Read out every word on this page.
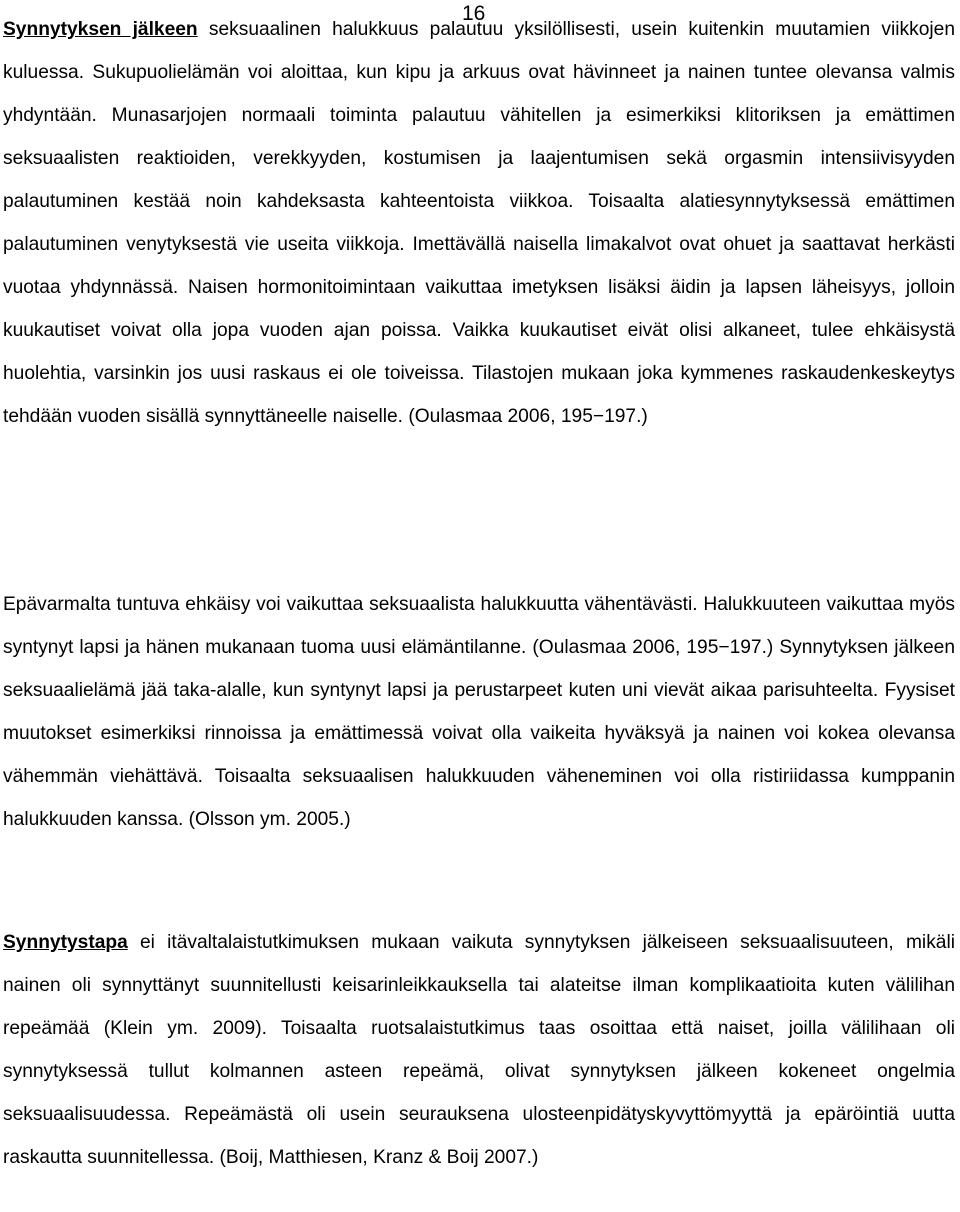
16

Synnytyksen jälkeen seksuaalinen halukkuus palautuu yksilöllisesti, usein kuitenkin muutamien viikkojen kuluessa. Sukupuolielämän voi aloittaa, kun kipu ja arkuus ovat hävinneet ja nainen tuntee olevansa valmis yhdyntään. Munasarjojen normaali toiminta palautuu vähitellen ja esimerkiksi klitoriksen ja emättimen seksuaalisten reaktioiden, verekkyyden, kostumisen ja laajentumisen sekä orgasmin intensiivisyyden palautuminen kestää noin kahdeksasta kahteentoista viikkoa. Toisaalta alatiesynnytyksessä emättimen palautuminen venytyksestä vie useita viikkoja. Imettävällä naisella limakalvot ovat ohuet ja saattavat herkästi vuotaa yhdynnässä. Naisen hormonitoimintaan vaikuttaa imetyksen lisäksi äidin ja lapsen läheisyys, jolloin kuukautiset voivat olla jopa vuoden ajan poissa. Vaikka kuukautiset eivät olisi alkaneet, tulee ehkäisystä huolehtia, varsinkin jos uusi raskaus ei ole toiveissa. Tilastojen mukaan joka kymmenes raskaudenkeskeytys tehdään vuoden sisällä synnyttäneelle naiselle. (Oulasmaa 2006, 195−197.)

Epävarmalta tuntuva ehkäisy voi vaikuttaa seksuaalista halukkuutta vähentävästi. Halukkuuteen vaikuttaa myös syntynyt lapsi ja hänen mukanaan tuoma uusi elämäntilanne. (Oulasmaa 2006, 195−197.) Synnytyksen jälkeen seksuaalielämä jää taka-alalle, kun syntynyt lapsi ja perustarpeet kuten uni vievät aikaa parisuhteelta. Fyysiset muutokset esimerkiksi rinnoissa ja emättimessä voivat olla vaikeita hyväksyä ja nainen voi kokea olevansa vähemmän viehättävä. Toisaalta seksuaalisen halukkuuden väheneminen voi olla ristiriidassa kumppanin halukkuuden kanssa. (Olsson ym. 2005.)

Synnytystapa ei itävaltalaistutkimuksen mukaan vaikuta synnytyksen jälkeiseen seksuaalisuuteen, mikäli nainen oli synnyttänyt suunnitellusti keisarinleikkauksella tai alateitse ilman komplikaatioita kuten välilihan repeämää (Klein ym. 2009). Toisaalta ruotsalaistutkimus taas osoittaa että naiset, joilla välilihaan oli synnytyksessä tullut kolmannen asteen repeämä, olivat synnytyksen jälkeen kokeneet ongelmia seksuaalisuudessa. Repeämästä oli usein seurauksena ulosteenpidätyskyvyttömyyttä ja epäröintiä uutta raskautta suunnitellessa. (Boij, Matthiesen, Kranz & Boij 2007.)
